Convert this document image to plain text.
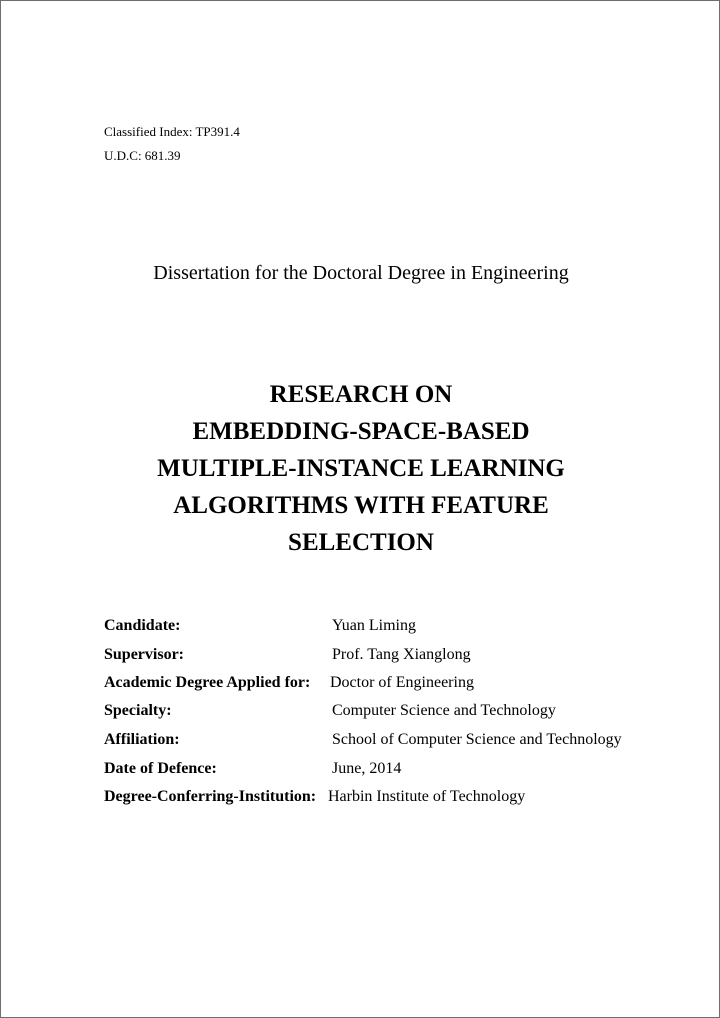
Classified Index: TP391.4
U.D.C: 681.39
Dissertation for the Doctoral Degree in Engineering
RESEARCH ON
EMBEDDING-SPACE-BASED
MULTIPLE-INSTANCE LEARNING
ALGORITHMS WITH FEATURE
SELECTION
Candidate:	Yuan Liming
Supervisor:	Prof. Tang Xianglong
Academic Degree Applied for: Doctor of Engineering
Specialty:	Computer Science and Technology
Affiliation:	School of Computer Science and Technology
Date of Defence:	June, 2014
Degree-Conferring-Institution: Harbin Institute of Technology
